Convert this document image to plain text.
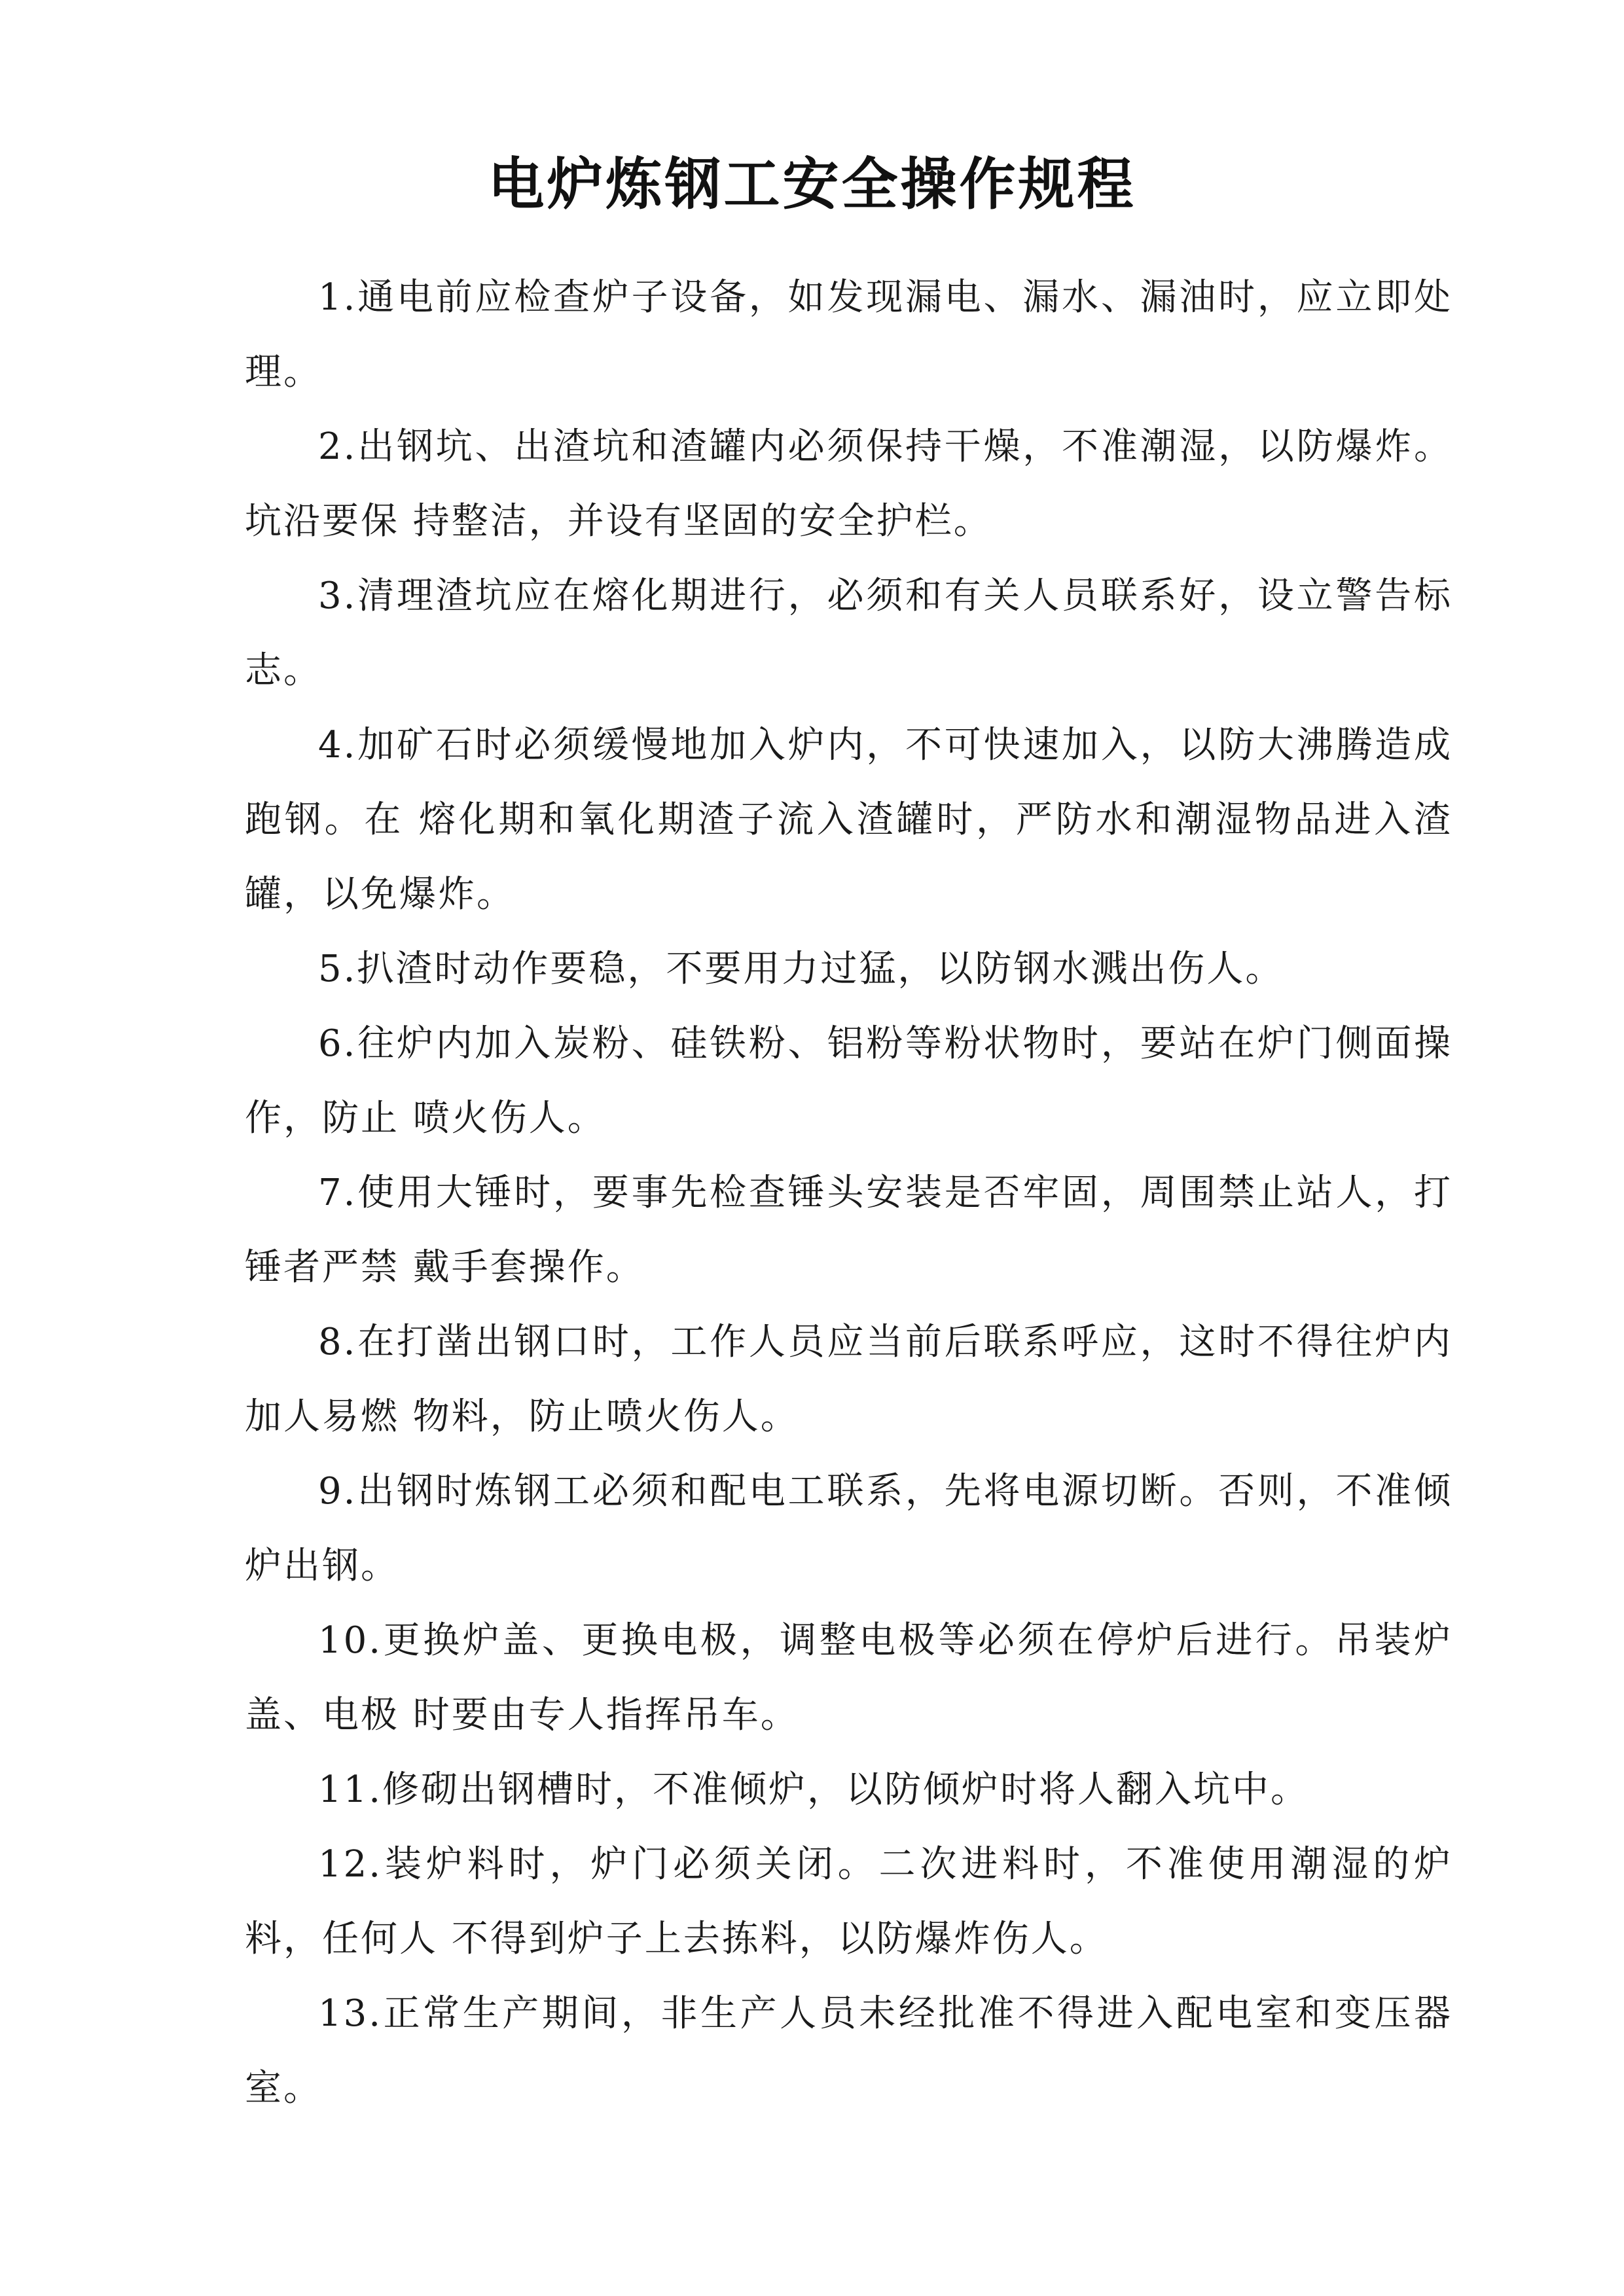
电炉炼钢工安全操作规程

1.通电前应检查炉子设备，如发现漏电、漏水、漏油时，应立即处理。

2.出钢坑、出渣坑和渣罐内必须保持干燥，不准潮湿，以防爆炸。坑沿要保 持整洁，并设有坚固的安全护栏。

3.清理渣坑应在熔化期进行，必须和有关人员联系好，设立警告标志。

4.加矿石时必须缓慢地加入炉内，不可快速加入，以防大沸腾造成跑钢。在 熔化期和氧化期渣子流入渣罐时，严防水和潮湿物品进入渣罐，以免爆炸。

5.扒渣时动作要稳，不要用力过猛，以防钢水溅出伤人。

6.往炉内加入炭粉、硅铁粉、铝粉等粉状物时，要站在炉门侧面操作，防止 喷火伤人。

7.使用大锤时，要事先检查锤头安装是否牢固，周围禁止站人，打锤者严禁 戴手套操作。

8.在打凿出钢口时，工作人员应当前后联系呼应，这时不得往炉内加人易燃 物料，防止喷火伤人。

9.出钢时炼钢工必须和配电工联系，先将电源切断。否则，不准倾炉出钢。

10.更换炉盖、更换电极，调整电极等必须在停炉后进行。吊装炉盖、电极 时要由专人指挥吊车。

11.修砌出钢槽时，不准倾炉，以防倾炉时将人翻入坑中。

12.装炉料时，炉门必须关闭。二次进料时，不准使用潮湿的炉料，任何人 不得到炉子上去拣料，以防爆炸伤人。

13.正常生产期间，非生产人员未经批准不得进入配电室和变压器室。
